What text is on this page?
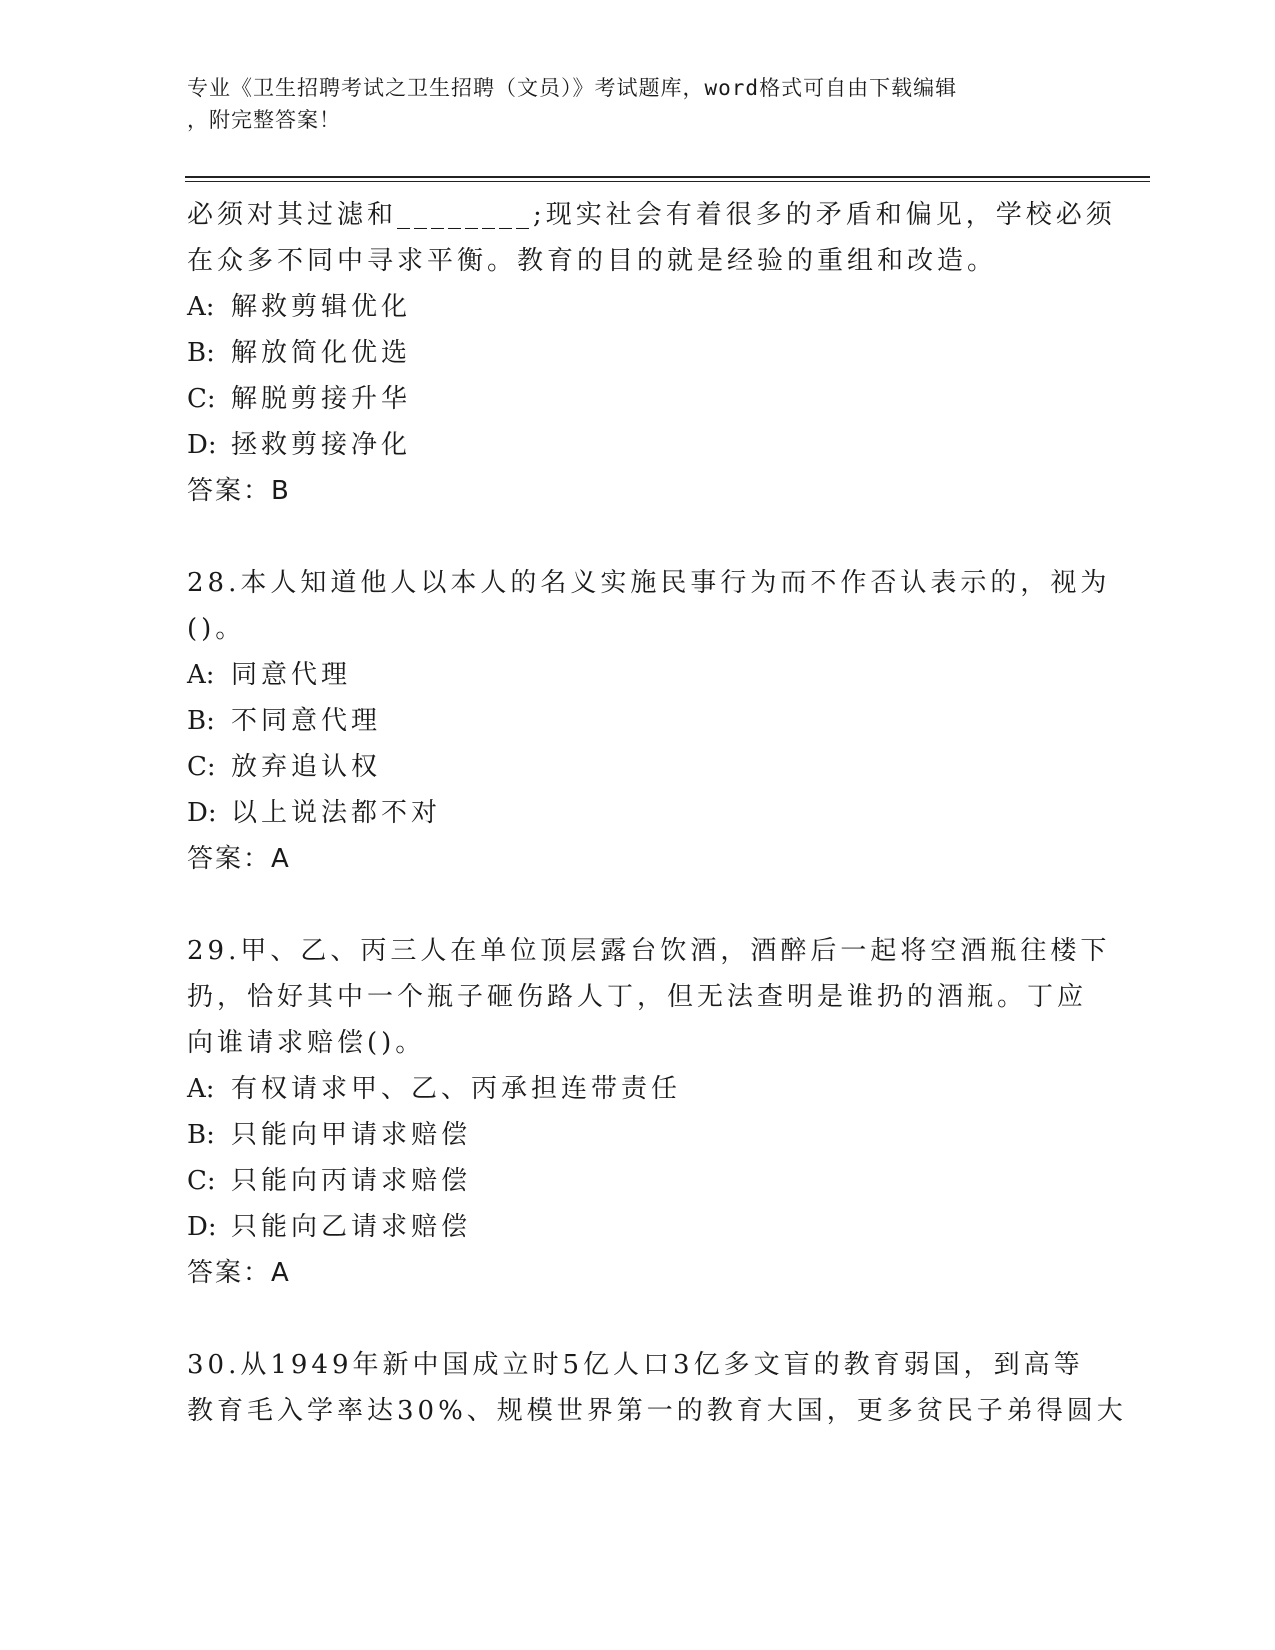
专业《卫生招聘考试之卫生招聘（文员）》考试题库，word格式可自由下载编辑
，附完整答案！
必须对其过滤和________;现实社会有着很多的矛盾和偏见，学校必须
在众多不同中寻求平衡。教育的目的就是经验的重组和改造。
A: 解救剪辑优化
B: 解放简化优选
C: 解脱剪接升华
D: 拯救剪接净化
答案：B
28.本人知道他人以本人的名义实施民事行为而不作否认表示的，视为
()。
A: 同意代理
B: 不同意代理
C: 放弃追认权
D: 以上说法都不对
答案：A
29.甲、乙、丙三人在单位顶层露台饮酒，酒醉后一起将空酒瓶往楼下
扔，恰好其中一个瓶子砸伤路人丁，但无法查明是谁扔的酒瓶。丁应
向谁请求赔偿()。
A: 有权请求甲、乙、丙承担连带责任
B: 只能向甲请求赔偿
C: 只能向丙请求赔偿
D: 只能向乙请求赔偿
答案：A
30.从1949年新中国成立时5亿人口3亿多文盲的教育弱国，到高等
教育毛入学率达30%、规模世界第一的教育大国，更多贫民子弟得圆大
